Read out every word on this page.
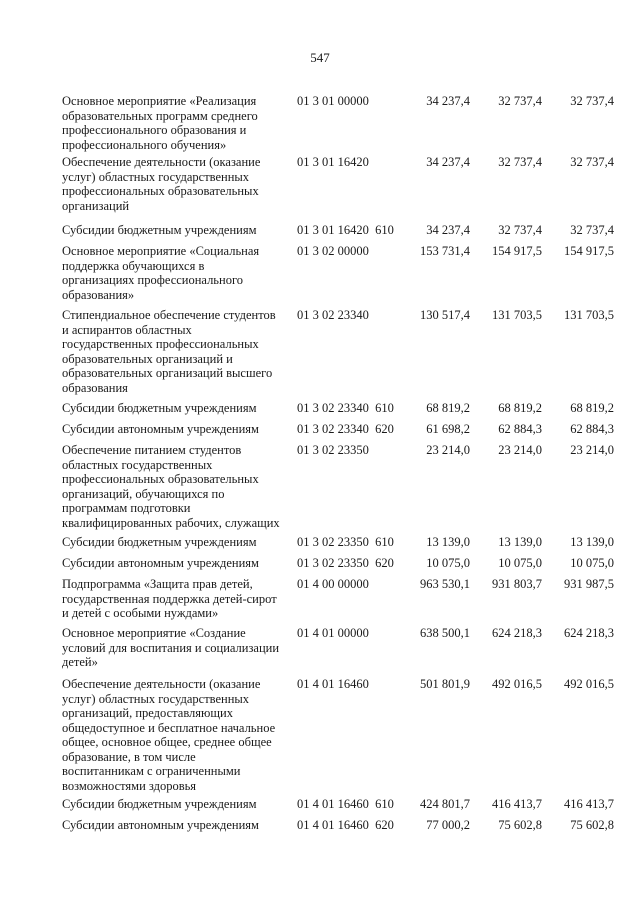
547
Основное мероприятие «Реализация
образовательных программ среднего
профессионального образования и
профессионального обучения»
01 3 01 00000	34 237,4 32 737,4 32 737,4
Обеспечение деятельности (оказание
услуг) областных государственных
профессиональных образовательных
организаций
01 3 01 16420	34 237,4 32 737,4 32 737,4
Субсидии бюджетным учреждениям	01 3 01 16420  610	34 237,4 32 737,4 32 737,4
Основное мероприятие «Социальная
поддержка обучающихся в
организациях профессионального
образования»
01 3 02 00000	153 731,4 154 917,5 154 917,5
Стипендиальное обеспечение студентов
и аспирантов областных
государственных профессиональных
образовательных организаций и
образовательных организаций высшего
образования
01 3 02 23340	130 517,4 131 703,5 131 703,5
Субсидии бюджетным учреждениям	01 3 02 23340  610	68 819,2 68 819,2 68 819,2
Субсидии автономным учреждениям	01 3 02 23340  620	61 698,2 62 884,3 62 884,3
Обеспечение питанием студентов
областных государственных
профессиональных образовательных
организаций, обучающихся по
программам подготовки
квалифицированных рабочих, служащих
01 3 02 23350	23 214,0 23 214,0 23 214,0
Субсидии бюджетным учреждениям	01 3 02 23350  610	13 139,0 13 139,0 13 139,0
Субсидии автономным учреждениям	01 3 02 23350  620	10 075,0 10 075,0 10 075,0
Подпрограмма «Защита прав детей,
государственная поддержка детей-сирот
и детей с особыми нуждами»
01 4 00 00000	963 530,1 931 803,7 931 987,5
Основное мероприятие «Создание
условий для воспитания и социализации
детей»
01 4 01 00000	638 500,1 624 218,3 624 218,3
Обеспечение деятельности (оказание
услуг) областных государственных
организаций, предоставляющих
общедоступное и бесплатное начальное
общее, основное общее, среднее общее
образование, в том числе
воспитанникам с ограниченными
возможностями здоровья
01 4 01 16460	501 801,9 492 016,5 492 016,5
Субсидии бюджетным учреждениям	01 4 01 16460  610	424 801,7 416 413,7 416 413,7
Субсидии автономным учреждениям	01 4 01 16460  620	77 000,2 75 602,8 75 602,8
